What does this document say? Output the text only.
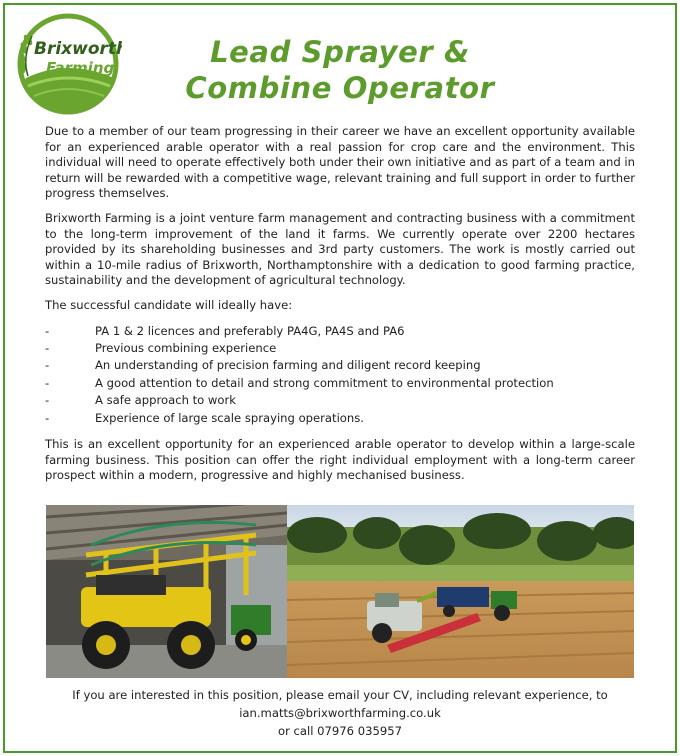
Brixworth
Farming	Lead Sprayer &
Combine Operator

Due to a member of our team progressing in their career we have an excellent opportunity available for an experienced arable operator with a real passion for crop care and the environment. This individual will need to operate effectively both under their own initiative and as part of a team and in return will be rewarded with a competitive wage, relevant training and full support in order to further progress themselves.

Brixworth Farming is a joint venture farm management and contracting business with a commitment to the long-term improvement of the land it farms. We currently operate over 2200 hectares provided by its shareholding businesses and 3rd party customers. The work is mostly carried out within a 10-mile radius of Brixworth, Northamptonshire with a dedication to good farming practice, sustainability and the development of agricultural technology.

The successful candidate will ideally have:

-	PA 1 & 2 licences and preferably PA4G, PA4S and PA6
-	Previous combining experience
-	An understanding of precision farming and diligent record keeping
-	A good attention to detail and strong commitment to environmental protection
-	A safe approach to work
-	Experience of large scale spraying operations.

This is an excellent opportunity for an experienced arable operator to develop within a large-scale farming business. This position can offer the right individual employment with a long-term career prospect within a modern, progressive and highly mechanised business.

If you are interested in this position, please email your CV, including relevant experience, to
ian.matts@brixworthfarming.co.uk
or call 07976 035957
